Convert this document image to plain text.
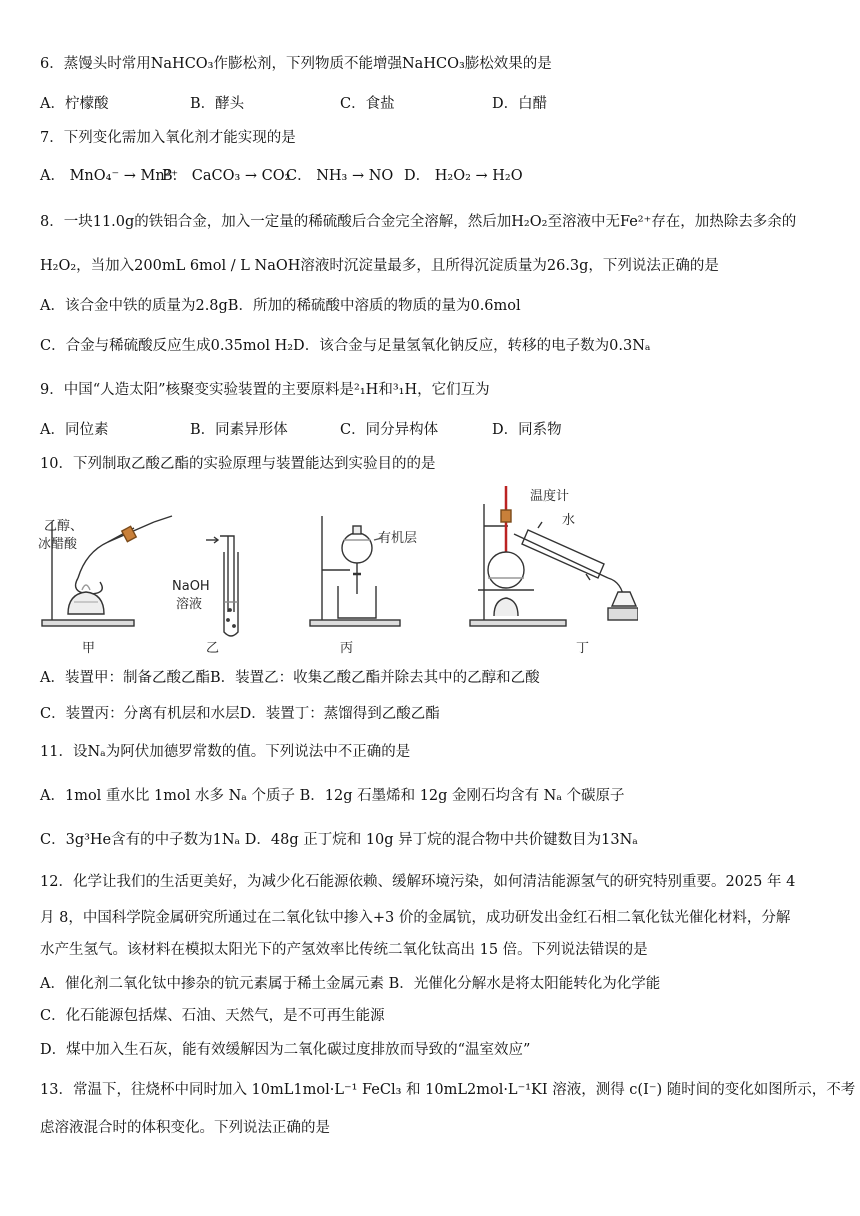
6．蒸馒头时常用NaHCO₃作膨松剂，下列物质不能增强NaHCO₃膨松效果的是
A．柠檬酸	B．酵头	C．食盐	D．白醋
7．下列变化需加入氧化剂才能实现的是
A． MnO₄⁻ → Mn²⁺
B． CaCO₃ → CO₂
C． NH₃ → NO D． H₂O₂ → H₂O
8．一块11.0g的铁铝合金，加入一定量的稀硫酸后合金完全溶解，然后加H₂O₂至溶液中无Fe²⁺存在，加热除去多余的
H₂O₂，当加入200mL 6mol / L NaOH溶液时沉淀量最多，且所得沉淀质量为26.3g，下列说法正确的是
A．该合金中铁的质量为2.8gB．所加的稀硫酸中溶质的物质的量为0.6mol
C．合金与稀硫酸反应生成0.35mol H₂D．该合金与足量氢氧化钠反应，转移的电子数为0.3Nₐ
9．中国“人造太阳”核聚变实验装置的主要原料是²₁H和³₁H，它们互为
A．同位素	B．同素异形体	C．同分异构体	D．同系物
10．下列制取乙酸乙酯的实验原理与装置能达到实验目的的是
乙醇、
冰醋酸
NaOH
溶液
有机层
温度计
水
甲	乙	丙	丁
A．装置甲：制备乙酸乙酯B．装置乙：收集乙酸乙酯并除去其中的乙醇和乙酸
C．装置丙：分离有机层和水层D．装置丁：蒸馏得到乙酸乙酯
11．设Nₐ为阿伏加德罗常数的值。下列说法中不正确的是
A．1mol 重水比 1mol 水多 Nₐ 个质子 B．12g 石墨烯和 12g 金刚石均含有 Nₐ 个碳原子
C．3g³He含有的中子数为1Nₐ D．48g 正丁烷和 10g 异丁烷的混合物中共价键数目为13Nₐ
12．化学让我们的生活更美好，为减少化石能源依赖、缓解环境污染，如何清洁能源氢气的研究特别重要。2025 年 4
月 8，中国科学院金属研究所通过在二氧化钛中掺入+3 价的金属钪，成功研发出金红石相二氧化钛光催化材料，分解
水产生氢气。该材料在模拟太阳光下的产氢效率比传统二氧化钛高出 15 倍。下列说法错误的是
A．催化剂二氧化钛中掺杂的钪元素属于稀土金属元素 B．光催化分解水是将太阳能转化为化学能
C．化石能源包括煤、石油、天然气，是不可再生能源
D．煤中加入生石灰，能有效缓解因为二氧化碳过度排放而导致的“温室效应”
13．常温下，往烧杯中同时加入 10mL1mol·L⁻¹ FeCl₃ 和 10mL2mol·L⁻¹KI 溶液，测得 c(I⁻) 随时间的变化如图所示，不考
虑溶液混合时的体积变化。下列说法正确的是
